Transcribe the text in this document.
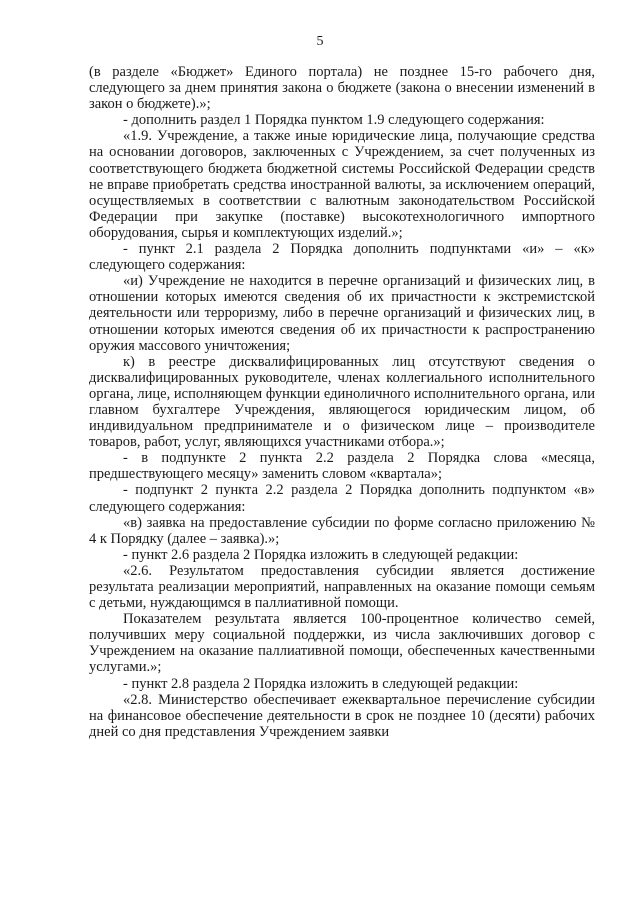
5

(в разделе «Бюджет» Единого портала) не позднее 15-го рабочего дня, следующего за днем принятия закона о бюджете (закона о внесении изменений в закон о бюджете).»;

- дополнить раздел 1 Порядка пунктом 1.9 следующего содержания:

«1.9. Учреждение, а также иные юридические лица, получающие средства на основании договоров, заключенных с Учреждением, за счет полученных из соответствующего бюджета бюджетной системы Российской Федерации средств не вправе приобретать средства иностранной валюты, за исключением операций, осуществляемых в соответствии с валютным законодательством Российской Федерации при закупке (поставке) высокотехнологичного импортного оборудования, сырья и комплектующих изделий.»;

- пункт 2.1 раздела 2 Порядка дополнить подпунктами «и» – «к» следующего содержания:

«и) Учреждение не находится в перечне организаций и физических лиц, в отношении которых имеются сведения об их причастности к экстремистской деятельности или терроризму, либо в перечне организаций и физических лиц, в отношении которых имеются сведения об их причастности к распространению оружия массового уничтожения;

к) в реестре дисквалифицированных лиц отсутствуют сведения о дисквалифицированных руководителе, членах коллегиального исполнительного органа, лице, исполняющем функции единоличного исполнительного органа, или главном бухгалтере Учреждения, являющегося юридическим лицом, об индивидуальном предпринимателе и о физическом лице – производителе товаров, работ, услуг, являющихся участниками отбора.»;

- в подпункте 2 пункта 2.2 раздела 2 Порядка слова «месяца, предшествующего месяцу» заменить словом «квартала»;

- подпункт 2 пункта 2.2 раздела 2 Порядка дополнить подпунктом «в» следующего содержания:

«в) заявка на предоставление субсидии по форме согласно приложению № 4 к Порядку (далее – заявка).»;

- пункт 2.6 раздела 2 Порядка изложить в следующей редакции:

«2.6. Результатом предоставления субсидии является достижение результата реализации мероприятий, направленных на оказание помощи семьям с детьми, нуждающимся в паллиативной помощи.

Показателем результата является 100-процентное количество семей, получивших меру социальной поддержки, из числа заключивших договор с Учреждением на оказание паллиативной помощи, обеспеченных качественными услугами.»;

- пункт 2.8 раздела 2 Порядка изложить в следующей редакции:

«2.8. Министерство обеспечивает ежеквартальное перечисление субсидии на финансовое обеспечение деятельности в срок не позднее 10 (десяти) рабочих дней со дня представления Учреждением заявки
